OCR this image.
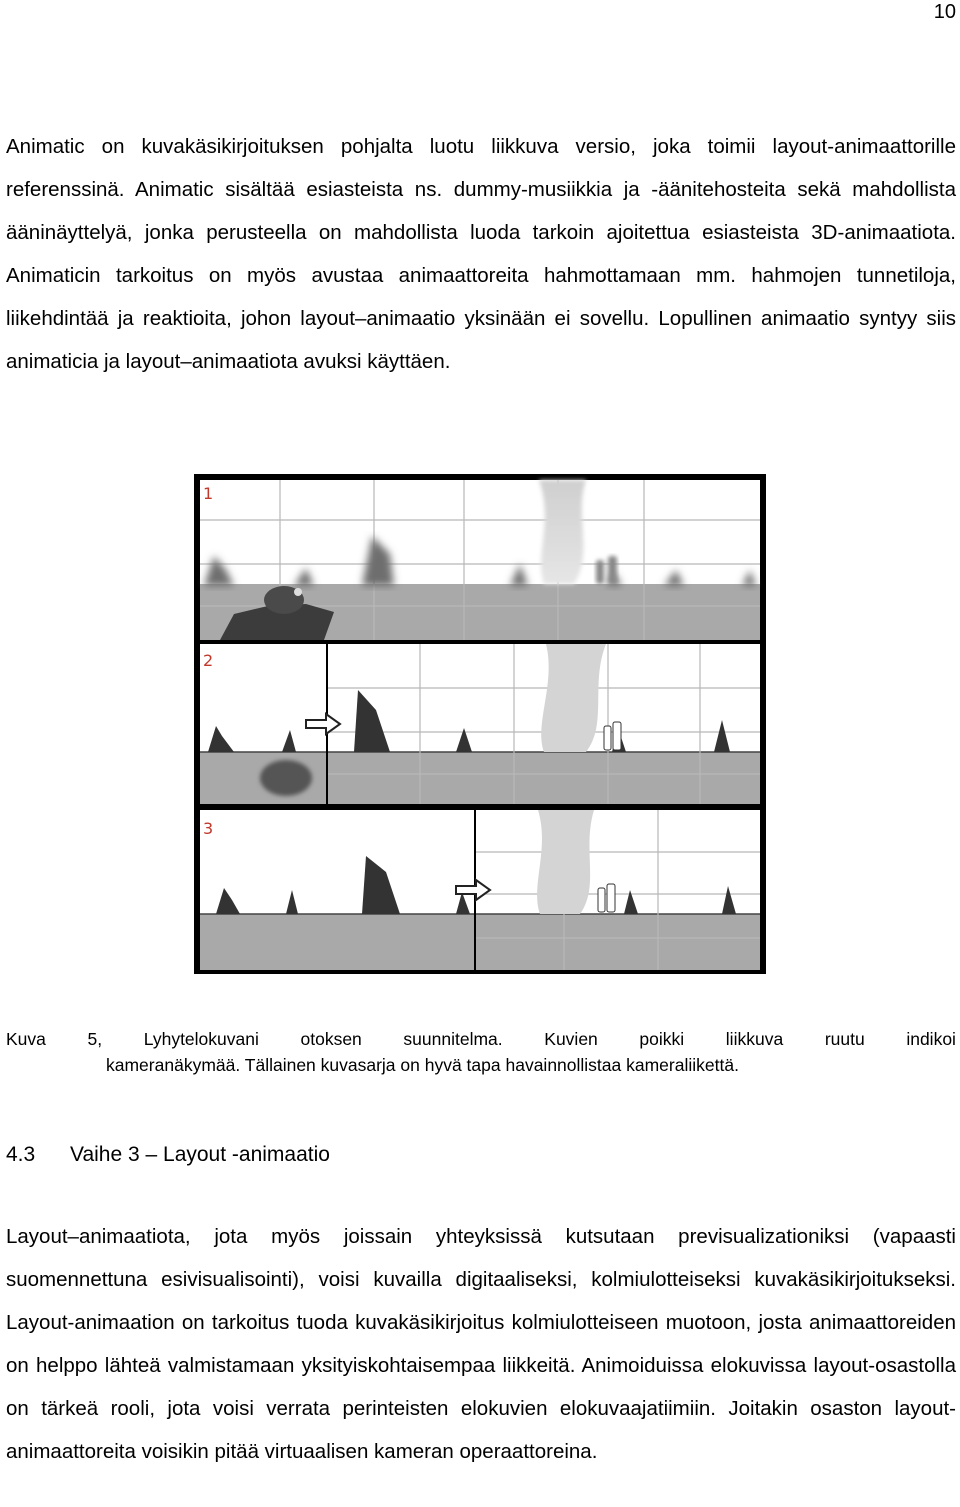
10

Animatic on kuvakäsikirjoituksen pohjalta luotu liikkuva versio, joka toimii layout-animaattorille referenssinä. Animatic sisältää esiasteista ns. dummy-musiikkia ja -äänitehosteita sekä mahdollista ääninäyttelyä, jonka perusteella on mahdollista luoda tarkoin ajoitettua esiasteista 3D-animaatiota. Animaticin tarkoitus on myös avustaa animaattoreita hahmottamaan mm. hahmojen tunnetiloja, liikehdintää ja reaktioita, johon layout–animaatio yksinään ei sovellu. Lopullinen animaatio syntyy siis animaticia ja layout–animaatiota avuksi käyttäen.

1
2
3
Kuva 5, Lyhytelokuvani otoksen suunnitelma. Kuvien poikki liikkuva ruutu indikoi
kameranäkymää. Tällainen kuvasarja on hyvä tapa havainnollistaa kameraliikettä.
4.3 Vaihe 3 – Layout -animaatio

Layout–animaatiota, jota myös joissain yhteyksissä kutsutaan previsualizationiksi (vapaasti suomennettuna esivisualisointi), voisi kuvailla digitaaliseksi, kolmiulotteiseksi kuvakäsikirjoitukseksi. Layout-animaation on tarkoitus tuoda kuvakäsikirjoitus kolmiulotteiseen muotoon, josta animaattoreiden on helppo lähteä valmistamaan yksityiskohtaisempaa liikkeitä. Animoiduissa elokuvissa layout-osastolla on tärkeä rooli, jota voisi verrata perinteisten elokuvien elokuvaajatiimiin. Joitakin osaston layout-animaattoreita voisikin pitää virtuaalisen kameran operaattoreina.
